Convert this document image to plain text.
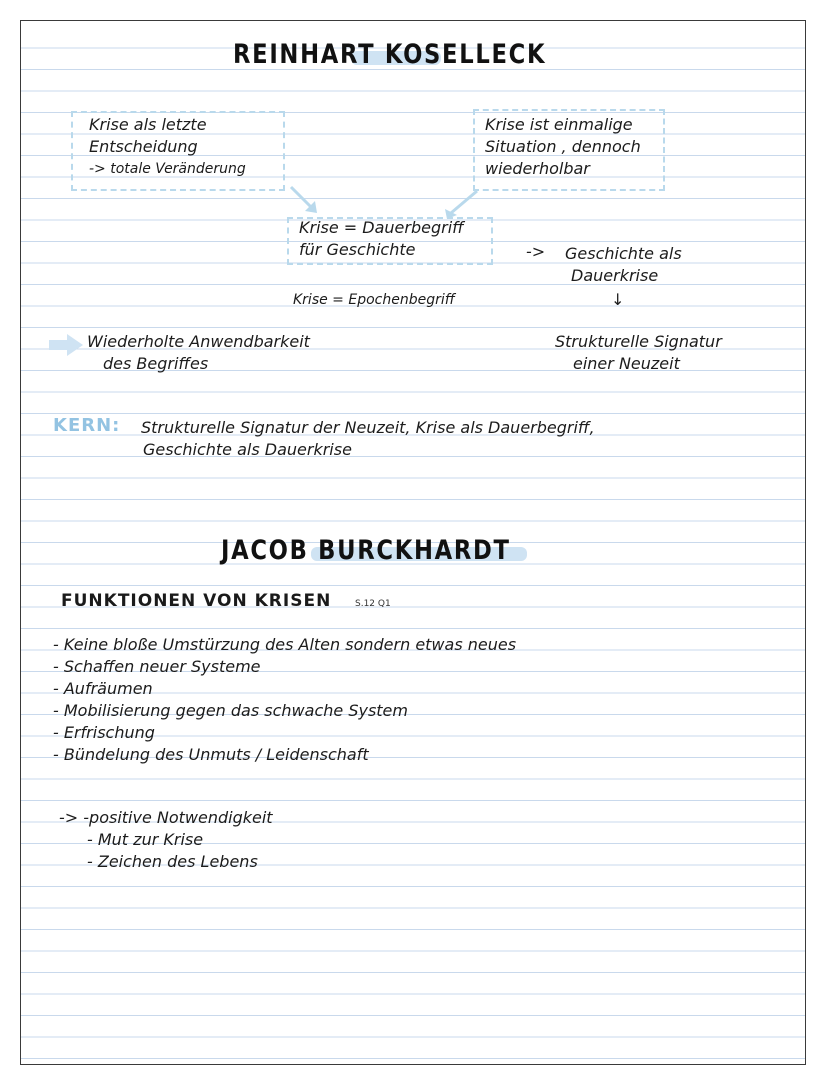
REINHART KOSELLECK
Krise als letzte
Entscheidung
-> totale Veränderung
Krise ist einmalige
Situation , dennoch
wiederholbar
Krise = Dauerbegriff
für Geschichte	-> Geschichte als
Dauerkrise
↓
Strukturelle Signatur
einer Neuzeit
Krise = Epochenbegriff
Wiederholte Anwendbarkeit
des Begriffes
KERN: Strukturelle Signatur der Neuzeit, Krise als Dauerbegriff,
Geschichte als Dauerkrise
JACOB BURCKHARDT
FUNKTIONEN VON KRISEN	S.12 Q1
- Keine bloße Umstürzung des Alten sondern etwas neues
- Schaffen neuer Systeme
- Aufräumen
- Mobilisierung gegen das schwache System
- Erfrischung
- Bündelung des Unmuts / Leidenschaft
-> -positive Notwendigkeit
- Mut zur Krise
- Zeichen des Lebens
